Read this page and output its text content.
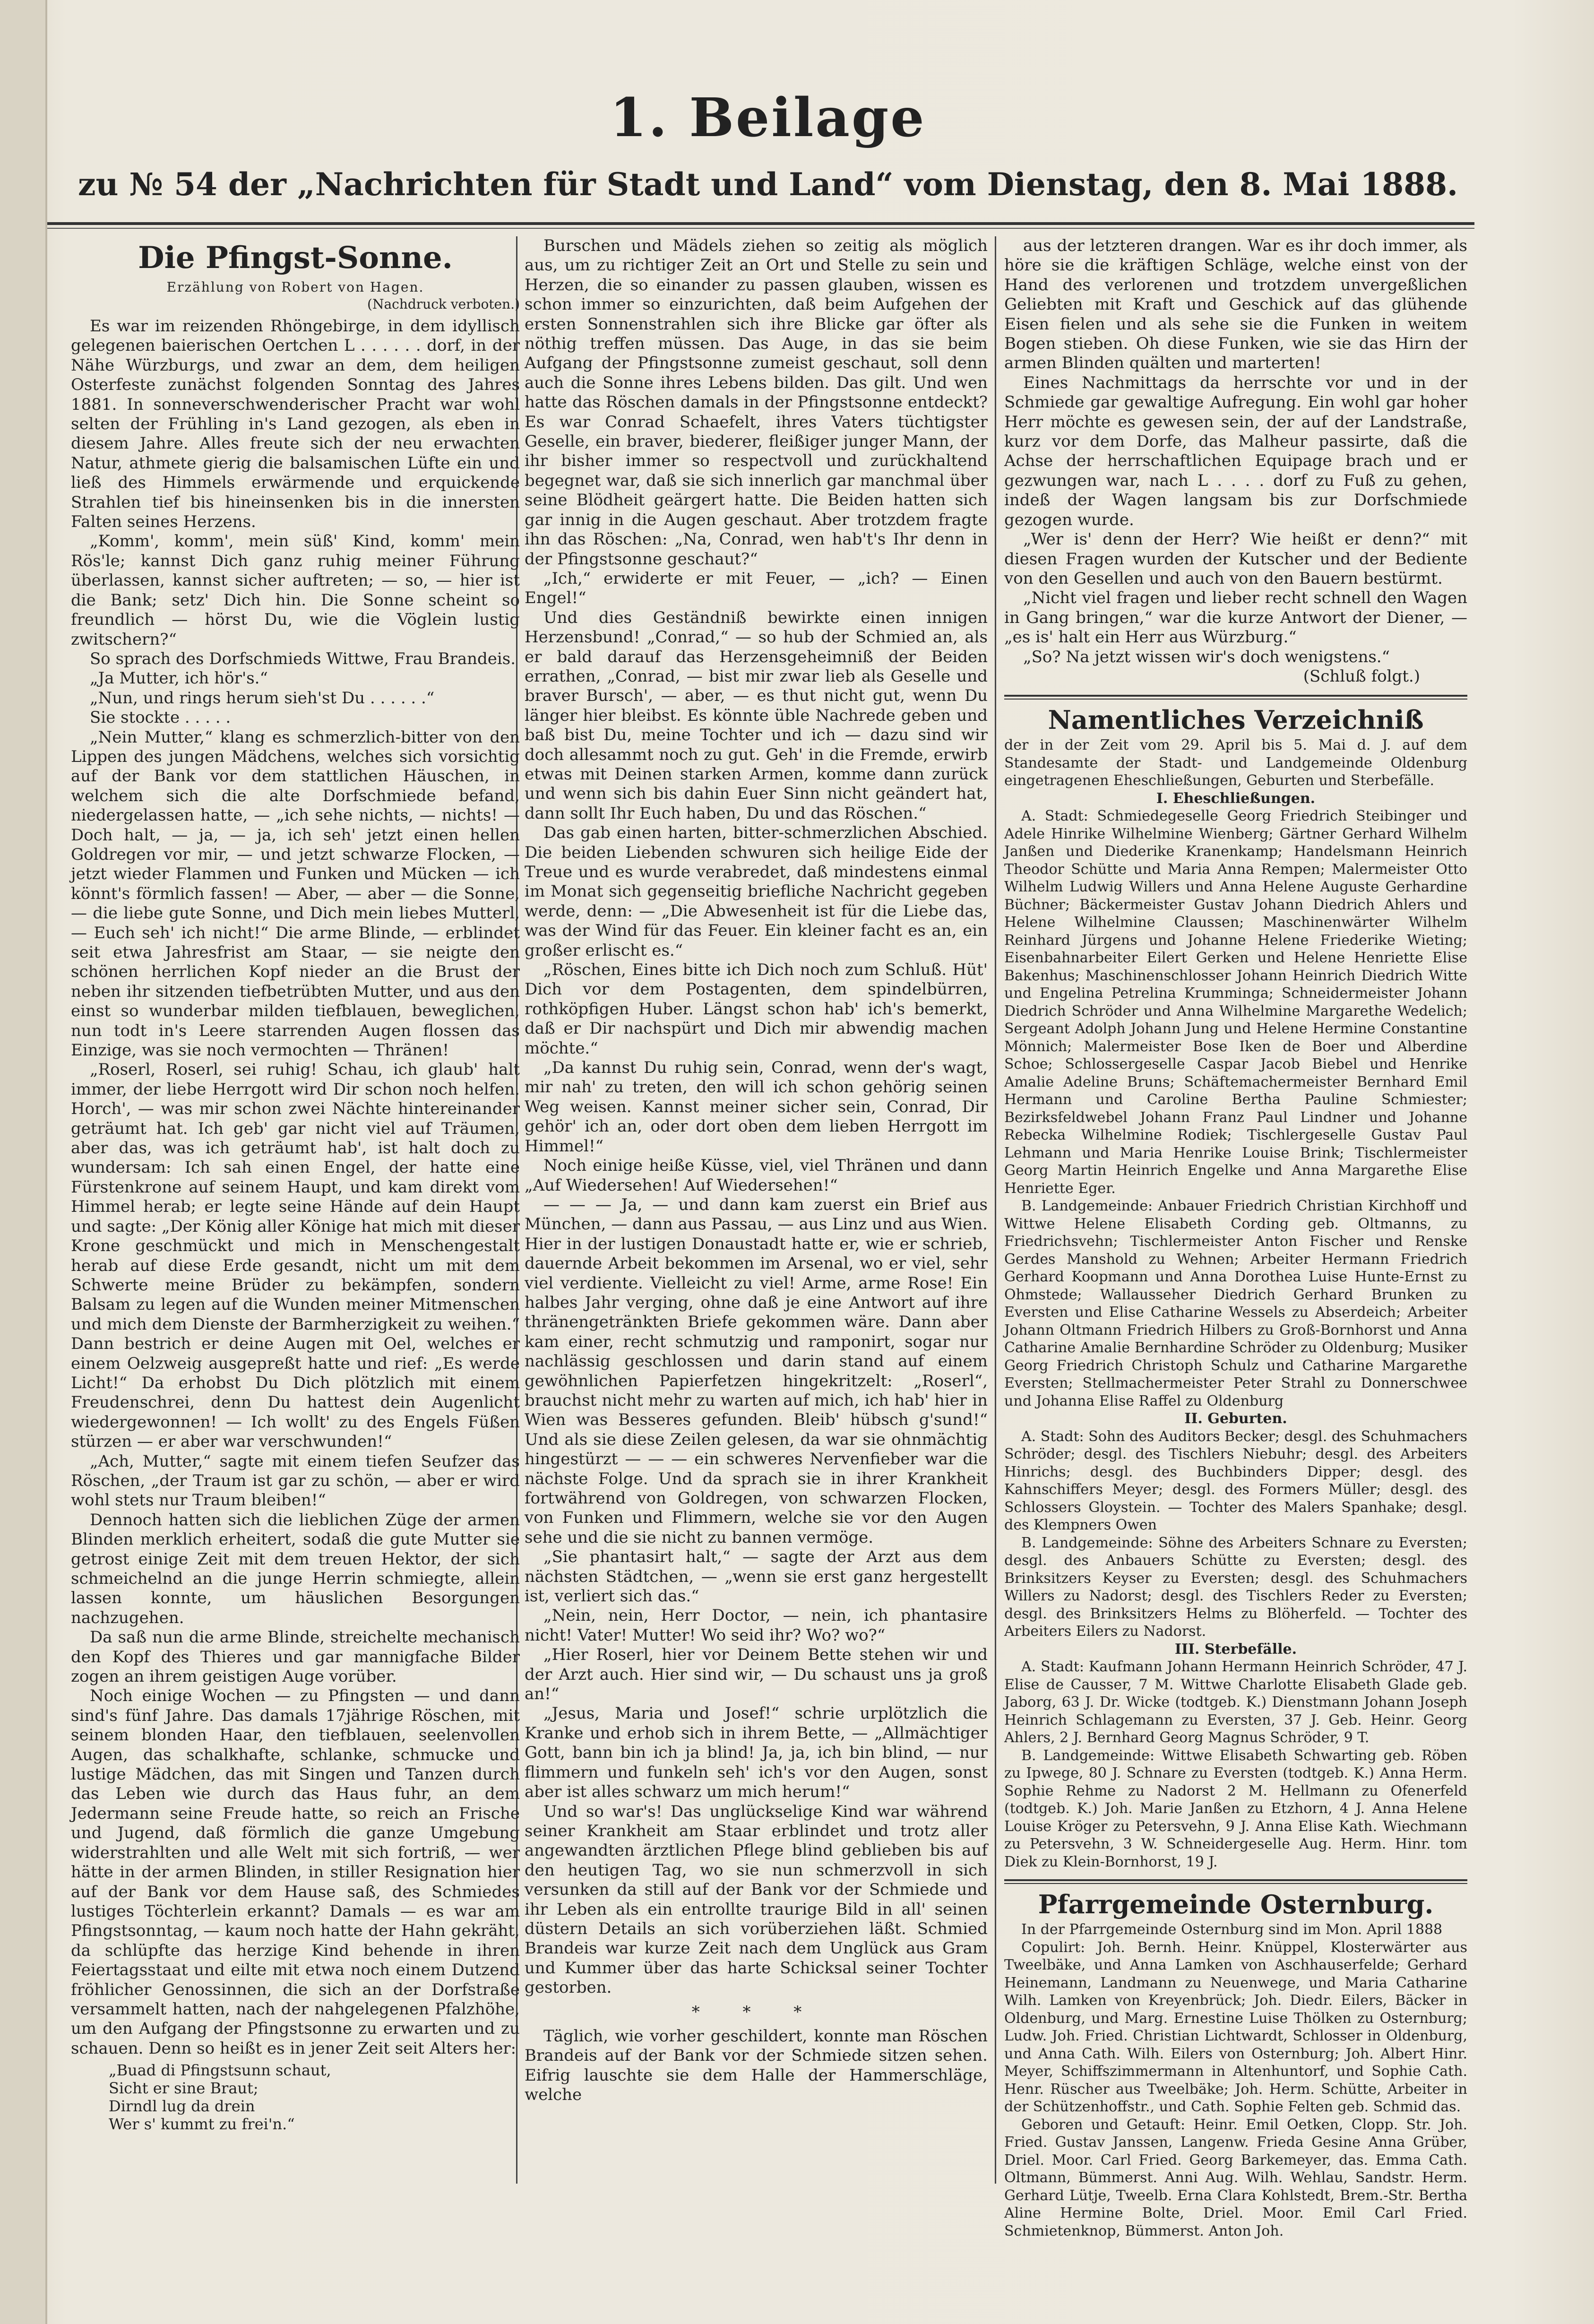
1. Beilage
zu № 54 der „Nachrichten für Stadt und Land“ vom Dienstag, den 8. Mai 1888.
Die Pfingst-Sonne.
Erzählung von Robert von Hagen.
(Nachdruck verboten.)

Es war im reizenden Rhöngebirge, in dem idyllisch gelegenen baierischen Oertchen L . . . . . . dorf, in der Nähe Würzburgs, und zwar an dem, dem heiligen Osterfeste zunächst folgenden Sonntag des Jahres 1881. In sonneverschwenderischer Pracht war wohl selten der Frühling in's Land gezogen, als eben in diesem Jahre. Alles freute sich der neu erwachten Natur, athmete gierig die balsamischen Lüfte ein und ließ des Himmels erwärmende und erquickende Strahlen tief bis hineinsenken bis in die innersten Falten seines Herzens.

„Komm', komm', mein süß' Kind, komm' mein Rös'le; kannst Dich ganz ruhig meiner Führung überlassen, kannst sicher auftreten; — so, — hier ist die Bank; setz' Dich hin. Die Sonne scheint so freundlich — hörst Du, wie die Vöglein lustig zwitschern?“

So sprach des Dorfschmieds Wittwe, Frau Brandeis.

„Ja Mutter, ich hör's.“

„Nun, und rings herum sieh'st Du . . . . . .“

Sie stockte . . . . .

„Nein Mutter,“ klang es schmerzlich-bitter von den Lippen des jungen Mädchens, welches sich vorsichtig auf der Bank vor dem stattlichen Häuschen, in welchem sich die alte Dorfschmiede befand, niedergelassen hatte, — „ich sehe nichts, — nichts! — Doch halt, — ja, — ja, ich seh' jetzt einen hellen Goldregen vor mir, — und jetzt schwarze Flocken, — jetzt wieder Flammen und Funken und Mücken — ich könnt's förmlich fassen! — Aber, — aber — die Sonne, — die liebe gute Sonne, und Dich mein liebes Mutterl, — Euch seh' ich nicht!“ Die arme Blinde, — erblindet seit etwa Jahresfrist am Staar, — sie neigte den schönen herrlichen Kopf nieder an die Brust der neben ihr sitzenden tiefbetrübten Mutter, und aus den einst so wunderbar milden tiefblauen, beweglichen, nun todt in's Leere starrenden Augen flossen das Einzige, was sie noch vermochten — Thränen!

„Roserl, Roserl, sei ruhig! Schau, ich glaub' halt immer, der liebe Herrgott wird Dir schon noch helfen. Horch', — was mir schon zwei Nächte hintereinander geträumt hat. Ich geb' gar nicht viel auf Träumen, aber das, was ich geträumt hab', ist halt doch zu wundersam: Ich sah einen Engel, der hatte eine Fürstenkrone auf seinem Haupt, und kam direkt vom Himmel herab; er legte seine Hände auf dein Haupt und sagte: „Der König aller Könige hat mich mit dieser Krone geschmückt und mich in Menschengestalt herab auf diese Erde gesandt, nicht um mit dem Schwerte meine Brüder zu bekämpfen, sondern Balsam zu legen auf die Wunden meiner Mitmenschen und mich dem Dienste der Barmherzigkeit zu weihen.“ Dann bestrich er deine Augen mit Oel, welches er einem Oelzweig ausgepreßt hatte und rief: „Es werde Licht!“ Da erhobst Du Dich plötzlich mit einem Freudenschrei, denn Du hattest dein Augenlicht wiedergewonnen! — Ich wollt' zu des Engels Füßen stürzen — er aber war verschwunden!“

„Ach, Mutter,“ sagte mit einem tiefen Seufzer das Röschen, „der Traum ist gar zu schön, — aber er wird wohl stets nur Traum bleiben!“

Dennoch hatten sich die lieblichen Züge der armen Blinden merklich erheitert, sodaß die gute Mutter sie getrost einige Zeit mit dem treuen Hektor, der sich schmeichelnd an die junge Herrin schmiegte, allein lassen konnte, um häuslichen Besorgungen nachzugehen.

Da saß nun die arme Blinde, streichelte mechanisch den Kopf des Thieres und gar mannigfache Bilder zogen an ihrem geistigen Auge vorüber.

Noch einige Wochen — zu Pfingsten — und dann sind's fünf Jahre. Das damals 17jährige Röschen, mit seinem blonden Haar, den tiefblauen, seelenvollen Augen, das schalkhafte, schlanke, schmucke und lustige Mädchen, das mit Singen und Tanzen durch das Leben wie durch das Haus fuhr, an dem Jedermann seine Freude hatte, so reich an Frische und Jugend, daß förmlich die ganze Umgebung widerstrahlten und alle Welt mit sich fortriß, — wer hätte in der armen Blinden, in stiller Resignation hier auf der Bank vor dem Hause saß, des Schmiedes lustiges Töchterlein erkannt? Damals — es war am Pfingstsonntag, — kaum noch hatte der Hahn gekräht, da schlüpfte das herzige Kind behende in ihren Feiertagsstaat und eilte mit etwa noch einem Dutzend fröhlicher Genossinnen, die sich an der Dorfstraße versammelt hatten, nach der nahgelegenen Pfalzhöhe, um den Aufgang der Pfingstsonne zu erwarten und zu schauen. Denn so heißt es in jener Zeit seit Alters her:

„Buad di Pfingstsunn schaut,
Sicht er sine Braut;
Dirndl lug da drein
Wer s' kummt zu frei'n.“

Burschen und Mädels ziehen so zeitig als möglich aus, um zu richtiger Zeit an Ort und Stelle zu sein und Herzen, die so einander zu passen glauben, wissen es schon immer so einzurichten, daß beim Aufgehen der ersten Sonnenstrahlen sich ihre Blicke gar öfter als nöthig treffen müssen. Das Auge, in das sie beim Aufgang der Pfingstsonne zumeist geschaut, soll denn auch die Sonne ihres Lebens bilden. Das gilt. Und wen hatte das Röschen damals in der Pfingstsonne entdeckt? Es war Conrad Schaefelt, ihres Vaters tüchtigster Geselle, ein braver, biederer, fleißiger junger Mann, der ihr bisher immer so respectvoll und zurückhaltend begegnet war, daß sie sich innerlich gar manchmal über seine Blödheit geärgert hatte. Die Beiden hatten sich gar innig in die Augen geschaut. Aber trotzdem fragte ihn das Röschen: „Na, Conrad, wen hab't's Ihr denn in der Pfingstsonne geschaut?“

„Ich,“ erwiderte er mit Feuer, — „ich? — Einen Engel!“

Und dies Geständniß bewirkte einen innigen Herzensbund! „Conrad,“ — so hub der Schmied an, als er bald darauf das Herzensgeheimniß der Beiden errathen, „Conrad, — bist mir zwar lieb als Geselle und braver Bursch', — aber, — es thut nicht gut, wenn Du länger hier bleibst. Es könnte üble Nachrede geben und baß bist Du, meine Tochter und ich — dazu sind wir doch allesammt noch zu gut. Geh' in die Fremde, erwirb etwas mit Deinen starken Armen, komme dann zurück und wenn sich bis dahin Euer Sinn nicht geändert hat, dann sollt Ihr Euch haben, Du und das Röschen.“

Das gab einen harten, bitter-schmerzlichen Abschied. Die beiden Liebenden schwuren sich heilige Eide der Treue und es wurde verabredet, daß mindestens einmal im Monat sich gegenseitig briefliche Nachricht gegeben werde, denn: — „Die Abwesenheit ist für die Liebe das, was der Wind für das Feuer. Ein kleiner facht es an, ein großer erlischt es.“

„Röschen, Eines bitte ich Dich noch zum Schluß. Hüt' Dich vor dem Postagenten, dem spindelbürren, rothköpfigen Huber. Längst schon hab' ich's bemerkt, daß er Dir nachspürt und Dich mir abwendig machen möchte.“

„Da kannst Du ruhig sein, Conrad, wenn der's wagt, mir nah' zu treten, den will ich schon gehörig seinen Weg weisen. Kannst meiner sicher sein, Conrad, Dir gehör' ich an, oder dort oben dem lieben Herrgott im Himmel!“

Noch einige heiße Küsse, viel, viel Thränen und dann „Auf Wiedersehen! Auf Wiedersehen!“

— — — Ja, — und dann kam zuerst ein Brief aus München, — dann aus Passau, — aus Linz und aus Wien. Hier in der lustigen Donaustadt hatte er, wie er schrieb, dauernde Arbeit bekommen im Arsenal, wo er viel, sehr viel verdiente. Vielleicht zu viel! Arme, arme Rose! Ein halbes Jahr verging, ohne daß je eine Antwort auf ihre thränengetränkten Briefe gekommen wäre. Dann aber kam einer, recht schmutzig und ramponirt, sogar nur nachlässig geschlossen und darin stand auf einem gewöhnlichen Papierfetzen hingekritzelt: „Roserl“, brauchst nicht mehr zu warten auf mich, ich hab' hier in Wien was Besseres gefunden. Bleib' hübsch g'sund!“ Und als sie diese Zeilen gelesen, da war sie ohnmächtig hingestürzt — — — ein schweres Nervenfieber war die nächste Folge. Und da sprach sie in ihrer Krankheit fortwährend von Goldregen, von schwarzen Flocken, von Funken und Flimmern, welche sie vor den Augen sehe und die sie nicht zu bannen vermöge.

„Sie phantasirt halt,“ — sagte der Arzt aus dem nächsten Städtchen, — „wenn sie erst ganz hergestellt ist, verliert sich das.“

„Nein, nein, Herr Doctor, — nein, ich phantasire nicht! Vater! Mutter! Wo seid ihr? Wo? wo?“

„Hier Roserl, hier vor Deinem Bette stehen wir und der Arzt auch. Hier sind wir, — Du schaust uns ja groß an!“

„Jesus, Maria und Josef!“ schrie urplötzlich die Kranke und erhob sich in ihrem Bette, — „Allmächtiger Gott, bann bin ich ja blind! Ja, ja, ich bin blind, — nur flimmern und funkeln seh' ich's vor den Augen, sonst aber ist alles schwarz um mich herum!“

Und so war's! Das unglückselige Kind war während seiner Krankheit am Staar erblindet und trotz aller angewandten ärztlichen Pflege blind geblieben bis auf den heutigen Tag, wo sie nun schmerzvoll in sich versunken da still auf der Bank vor der Schmiede und ihr Leben als ein entrollte traurige Bild in all' seinen düstern Details an sich vorüberziehen läßt. Schmied Brandeis war kurze Zeit nach dem Unglück aus Gram und Kummer über das harte Schicksal seiner Tochter gestorben.

* * *

Täglich, wie vorher geschildert, konnte man Röschen Brandeis auf der Bank vor der Schmiede sitzen sehen. Eifrig lauschte sie dem Halle der Hammerschläge, welche

aus der letzteren drangen. War es ihr doch immer, als höre sie die kräftigen Schläge, welche einst von der Hand des verlorenen und trotzdem unvergeßlichen Geliebten mit Kraft und Geschick auf das glühende Eisen fielen und als sehe sie die Funken in weitem Bogen stieben. Oh diese Funken, wie sie das Hirn der armen Blinden quälten und marterten!

Eines Nachmittags da herrschte vor und in der Schmiede gar gewaltige Aufregung. Ein wohl gar hoher Herr möchte es gewesen sein, der auf der Landstraße, kurz vor dem Dorfe, das Malheur passirte, daß die Achse der herrschaftlichen Equipage brach und er gezwungen war, nach L . . . . dorf zu Fuß zu gehen, indeß der Wagen langsam bis zur Dorfschmiede gezogen wurde.

„Wer is' denn der Herr? Wie heißt er denn?“ mit diesen Fragen wurden der Kutscher und der Bediente von den Gesellen und auch von den Bauern bestürmt.

„Nicht viel fragen und lieber recht schnell den Wagen in Gang bringen,“ war die kurze Antwort der Diener, — „es is' halt ein Herr aus Würzburg.“

„So? Na jetzt wissen wir's doch wenigstens.“

(Schluß folgt.)
Namentliches Verzeichniß

der in der Zeit vom 29. April bis 5. Mai d. J. auf dem Standesamte der Stadt- und Landgemeinde Oldenburg eingetragenen Eheschließungen, Geburten und Sterbefälle.

I. Eheschließungen.

A. Stadt: Schmiedegeselle Georg Friedrich Steibinger und Adele Hinrike Wilhelmine Wienberg; Gärtner Gerhard Wilhelm Janßen und Diederike Kranenkamp; Handelsmann Heinrich Theodor Schütte und Maria Anna Rempen; Malermeister Otto Wilhelm Ludwig Willers und Anna Helene Auguste Gerhardine Büchner; Bäckermeister Gustav Johann Diedrich Ahlers und Helene Wilhelmine Claussen; Maschinenwärter Wilhelm Reinhard Jürgens und Johanne Helene Friederike Wieting; Eisenbahnarbeiter Eilert Gerken und Helene Henriette Elise Bakenhus; Maschinenschlosser Johann Heinrich Diedrich Witte und Engelina Petrelina Krumminga; Schneidermeister Johann Diedrich Schröder und Anna Wilhelmine Margarethe Wedelich; Sergeant Adolph Johann Jung und Helene Hermine Constantine Mönnich; Malermeister Bose Iken de Boer und Alberdine Schoe; Schlossergeselle Caspar Jacob Biebel und Henrike Amalie Adeline Bruns; Schäftemachermeister Bernhard Emil Hermann und Caroline Bertha Pauline Schmiester; Bezirksfeldwebel Johann Franz Paul Lindner und Johanne Rebecka Wilhelmine Rodiek; Tischlergeselle Gustav Paul Lehmann und Maria Henrike Louise Brink; Tischlermeister Georg Martin Heinrich Engelke und Anna Margarethe Elise Henriette Eger.

B. Landgemeinde: Anbauer Friedrich Christian Kirchhoff und Wittwe Helene Elisabeth Cording geb. Oltmanns, zu Friedrichsvehn; Tischlermeister Anton Fischer und Renske Gerdes Manshold zu Wehnen; Arbeiter Hermann Friedrich Gerhard Koopmann und Anna Dorothea Luise Hunte-Ernst zu Ohmstede; Wallausseher Diedrich Gerhard Brunken zu Eversten und Elise Catharine Wessels zu Abserdeich; Arbeiter Johann Oltmann Friedrich Hilbers zu Groß-Bornhorst und Anna Catharine Amalie Bernhardine Schröder zu Oldenburg; Musiker Georg Friedrich Christoph Schulz und Catharine Margarethe Eversten; Stellmachermeister Peter Strahl zu Donnerschwee und Johanna Elise Raffel zu Oldenburg

II. Geburten.

A. Stadt: Sohn des Auditors Becker; desgl. des Schuhmachers Schröder; desgl. des Tischlers Niebuhr; desgl. des Arbeiters Hinrichs; desgl. des Buchbinders Dipper; desgl. des Kahnschiffers Meyer; desgl. des Formers Müller; desgl. des Schlossers Gloystein. — Tochter des Malers Spanhake; desgl. des Klempners Owen

B. Landgemeinde: Söhne des Arbeiters Schnare zu Eversten; desgl. des Anbauers Schütte zu Eversten; desgl. des Brinksitzers Keyser zu Eversten; desgl. des Schuhmachers Willers zu Nadorst; desgl. des Tischlers Reder zu Eversten; desgl. des Brinksitzers Helms zu Blöherfeld. — Tochter des Arbeiters Eilers zu Nadorst.

III. Sterbefälle.

A. Stadt: Kaufmann Johann Hermann Heinrich Schröder, 47 J. Elise de Causser, 7 M. Wittwe Charlotte Elisabeth Glade geb. Jaborg, 63 J. Dr. Wicke (todtgeb. K.) Dienstmann Johann Joseph Heinrich Schlagemann zu Eversten, 37 J. Geb. Heinr. Georg Ahlers, 2 J. Bernhard Georg Magnus Schröder, 9 T.

B. Landgemeinde: Wittwe Elisabeth Schwarting geb. Röben zu Ipwege, 80 J. Schnare zu Eversten (todtgeb. K.) Anna Herm. Sophie Rehme zu Nadorst 2 M. Hellmann zu Ofenerfeld (todtgeb. K.) Joh. Marie Janßen zu Etzhorn, 4 J. Anna Helene Louise Kröger zu Petersvehn, 9 J. Anna Elise Kath. Wiechmann zu Petersvehn, 3 W. Schneidergeselle Aug. Herm. Hinr. tom Diek zu Klein-Bornhorst, 19 J.

Pfarrgemeinde Osternburg.

In der Pfarrgemeinde Osternburg sind im Mon. April 1888

Copulirt: Joh. Bernh. Heinr. Knüppel, Klosterwärter aus Tweelbäke, und Anna Lamken von Aschhauserfelde; Gerhard Heinemann, Landmann zu Neuenwege, und Maria Catharine Wilh. Lamken von Kreyenbrück; Joh. Diedr. Eilers, Bäcker in Oldenburg, und Marg. Ernestine Luise Thölken zu Osternburg; Ludw. Joh. Fried. Christian Lichtwardt, Schlosser in Oldenburg, und Anna Cath. Wilh. Eilers von Osternburg; Joh. Albert Hinr. Meyer, Schiffszimmermann in Altenhuntorf, und Sophie Cath. Henr. Rüscher aus Tweelbäke; Joh. Herm. Schütte, Arbeiter in der Schützenhoffstr., und Cath. Sophie Felten geb. Schmid das.

Geboren und Getauft: Heinr. Emil Oetken, Clopp. Str. Joh. Fried. Gustav Janssen, Langenw. Frieda Gesine Anna Grüber, Driel. Moor. Carl Fried. Georg Barkemeyer, das. Emma Cath. Oltmann, Bümmerst. Anni Aug. Wilh. Wehlau, Sandstr. Herm. Gerhard Lütje, Tweelb. Erna Clara Kohlstedt, Brem.-Str. Bertha Aline Hermine Bolte, Driel. Moor. Emil Carl Fried. Schmietenknop, Bümmerst. Anton Joh.
